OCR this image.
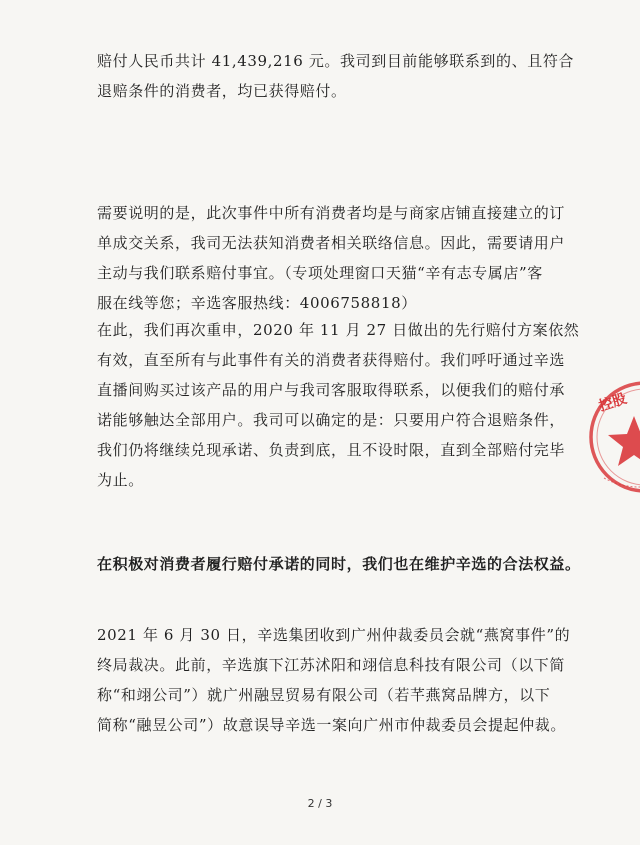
赔付人民币共计 41,439,216 元。我司到目前能够联系到的、且符合
退赔条件的消费者，均已获得赔付。
需要说明的是，此次事件中所有消费者均是与商家店铺直接建立的订
单成交关系，我司无法获知消费者相关联络信息。因此，需要请用户
主动与我们联系赔付事宜。（专项处理窗口天猫“辛有志专属店”客
服在线等您；辛选客服热线：4006758818）
在此，我们再次重申，2020 年 11 月 27 日做出的先行赔付方案依然
有效，直至所有与此事件有关的消费者获得赔付。我们呼吁通过辛选
直播间购买过该产品的用户与我司客服取得联系，以便我们的赔付承
诺能够触达全部用户。我司可以确定的是：只要用户符合退赔条件，
我们仍将继续兑现承诺、负责到底，且不设时限，直到全部赔付完毕
为止。
在积极对消费者履行赔付承诺的同时，我们也在维护辛选的合法权益。
2021 年 6 月 30 日，辛选集团收到广州仲裁委员会就“燕窝事件”的
终局裁决。此前，辛选旗下江苏沭阳和翊信息科技有限公司（以下简
称“和翊公司”）就广州融昱贸易有限公司（若芊燕窝品牌方，以下
简称“融昱公司”）故意误导辛选一案向广州市仲裁委员会提起仲裁。
2 / 3
控股
